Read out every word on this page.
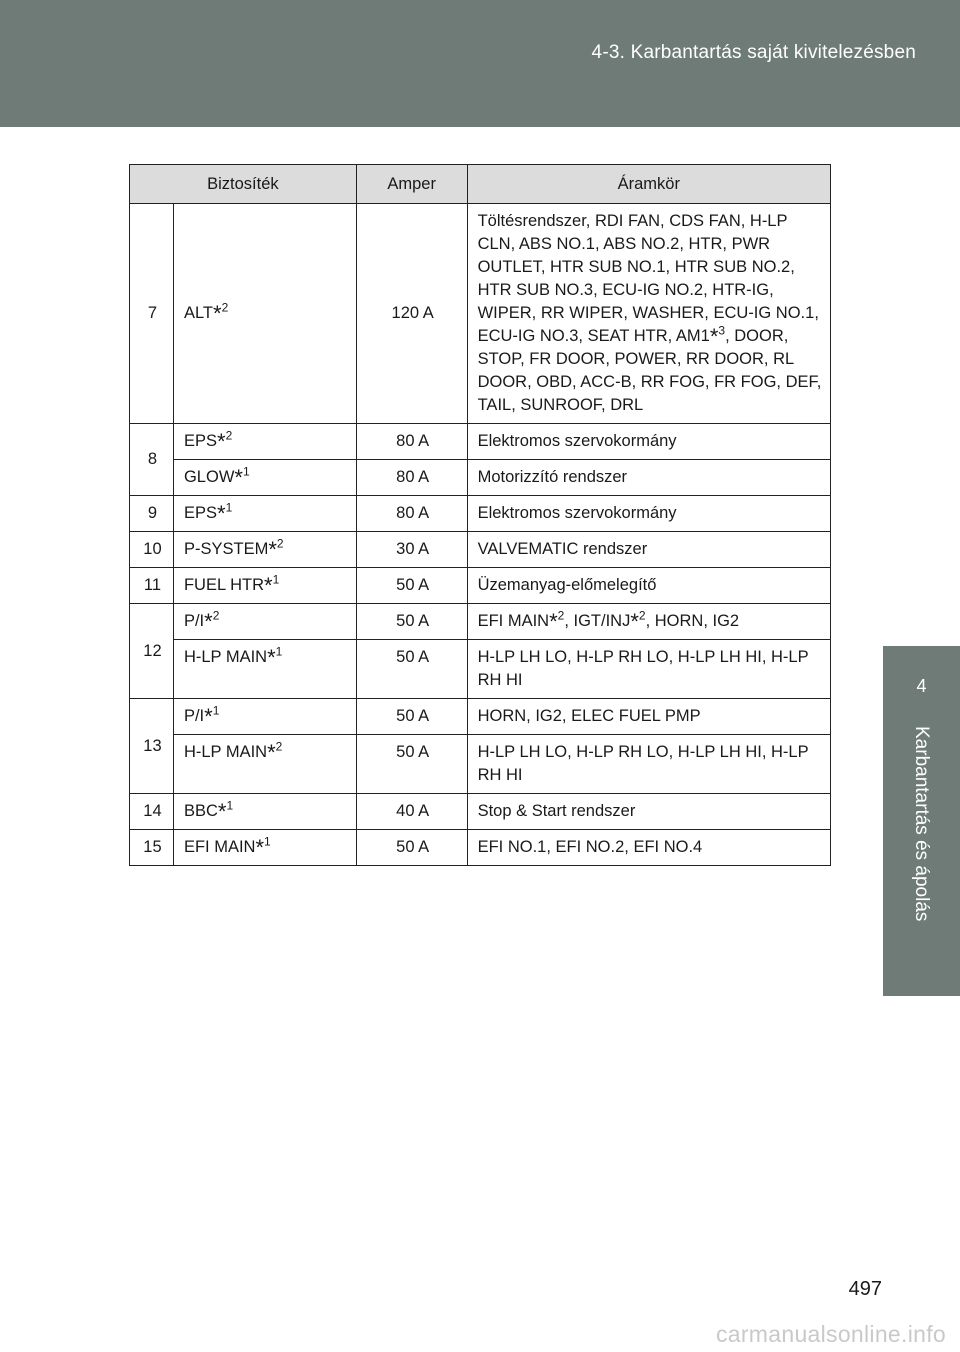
4-3. Karbantartás saját kivitelezésben
4
Karbantartás és ápolás
Biztosíték		Amper	Áramkör
7	ALT*$^2$	120 A	Töltésrendszer, RDI FAN, CDS FAN, H-LP CLN, ABS NO.1, ABS NO.2, HTR, PWR OUTLET, HTR SUB NO.1, HTR SUB NO.2, HTR SUB NO.3, ECU-IG NO.2, HTR-IG, WIPER, RR WIPER, WASHER, ECU-IG NO.1, ECU-IG NO.3, SEAT HTR, AM1*$^3$, DOOR, STOP, FR DOOR, POWER, RR DOOR, RL DOOR, OBD, ACC-B, RR FOG, FR FOG, DEF, TAIL, SUNROOF, DRL
8	EPS*$^2$	80 A	Elektromos szervokormány
	GLOW*$^1$	80 A	Motorizzító rendszer
9	EPS*$^1$	80 A	Elektromos szervokormány
10	P-SYSTEM*$^2$	30 A	VALVEMATIC rendszer
11	FUEL HTR*$^1$	50 A	Üzemanyag-előmelegítő
12	P/I*$^2$	50 A	EFI MAIN*$^2$, IGT/INJ*$^2$, HORN, IG2
	H-LP MAIN*$^1$	50 A	H-LP LH LO, H-LP RH LO, H-LP LH HI, H-LP RH HI
13	P/I*$^1$	50 A	HORN, IG2, ELEC FUEL PMP
	H-LP MAIN*$^2$	50 A	H-LP LH LO, H-LP RH LO, H-LP LH HI, H-LP RH HI
14	BBC*$^1$	40 A	Stop & Start rendszer
15	EFI MAIN*$^1$	50 A	EFI NO.1, EFI NO.2, EFI NO.4
497
carmanualsonline.info
